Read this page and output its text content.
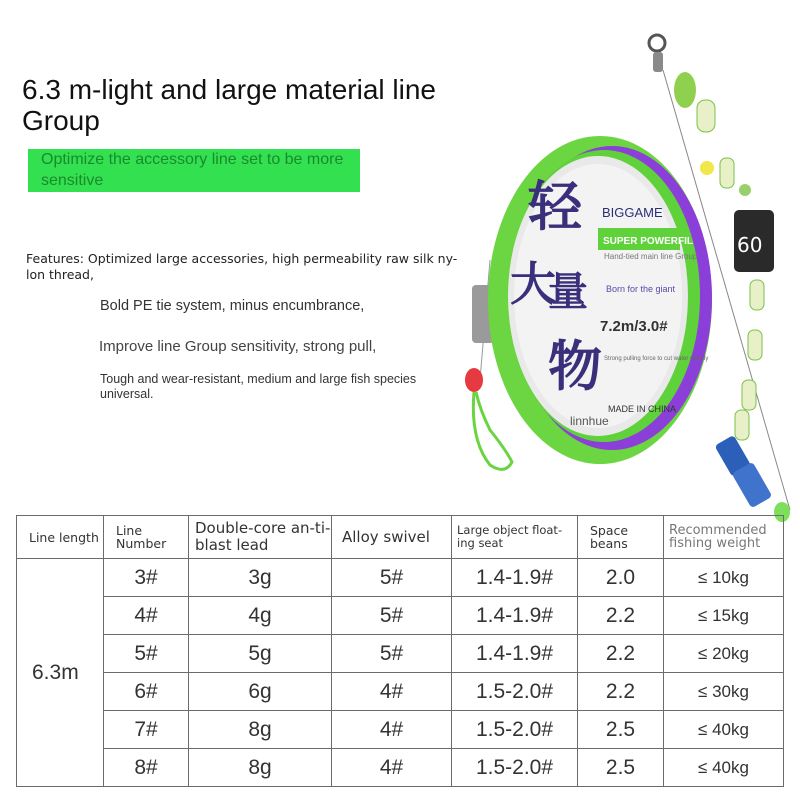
6.3 m-light and large material line Group
Optimize the accessory line set to be more sensitive
Features: Optimized large accessories, high permeability raw silk ny-lon thread,
Bold PE tie system, minus encumbrance,
Improve line Group sensitivity, strong pull,
Tough and wear-resistant, medium and large fish species universal.
60
BIGGAME
SUPER POWERFIL
Hand-tied main line Group
Born for the giant
7.2m/3.0#
Strong pulling force to cut water quickly
MADE IN CHINA
linnhue
轻
大
量
物
Line length	Line Number	Double-core an-ti-blast lead	Alloy swivel	Large object float-ing seat	Space beans	Recommended fishing weight
6.3m	3#	3g	5#	1.4-1.9#	2.0	≤ 10kg
	4#	4g	5#	1.4-1.9#	2.2	≤ 15kg
	5#	5g	5#	1.4-1.9#	2.2	≤ 20kg
	6#	6g	4#	1.5-2.0#	2.2	≤ 30kg
	7#	8g	4#	1.5-2.0#	2.5	≤ 40kg
	8#	8g	4#	1.5-2.0#	2.5	≤ 40kg
